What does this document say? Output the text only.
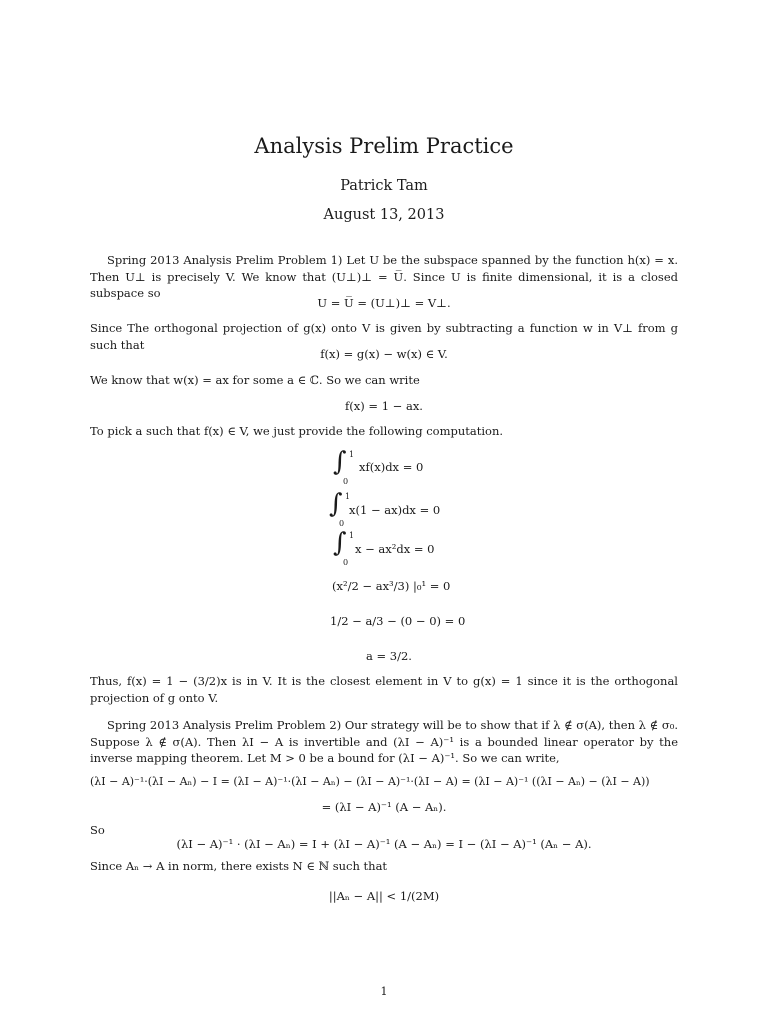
Analysis Prelim Practice
Patrick Tam
August 13, 2013
Spring 2013 Analysis Prelim Problem 1) Let U be the subspace spanned by the function h(x) = x. Then U⊥ is precisely V. We know that (U⊥)⊥ = U̅. Since U is finite dimensional, it is a closed subspace so
U = U̅ = (U⊥)⊥ = V⊥.
Since The orthogonal projection of g(x) onto V is given by subtracting a function w in V⊥ from g such that
f(x) = g(x) − w(x) ∈ V.
We know that w(x) = ax for some a ∈ ℂ. So we can write
f(x) = 1 − ax.
To pick a such that f(x) ∈ V, we just provide the following computation.
∫ 1
0
xf(x)dx = 0
∫ 1
0
x(1 − ax)dx = 0
∫ 1
0
x − ax²dx = 0
(x²/2 − ax³/3) |₀¹ = 0
1/2 − a/3 − (0 − 0) = 0
a = 3/2.
Thus, f(x) = 1 − (3/2)x is in V. It is the closest element in V to g(x) = 1 since it is the orthogonal projection of g onto V.
Spring 2013 Analysis Prelim Problem 2) Our strategy will be to show that if λ ∉ σ(A), then λ ∉ σ₀. Suppose λ ∉ σ(A). Then λI − A is invertible and (λI − A)⁻¹ is a bounded linear operator by the inverse mapping theorem. Let M > 0 be a bound for (λI − A)⁻¹. So we can write,
(λI − A)⁻¹·(λI − Aₙ) − I = (λI − A)⁻¹·(λI − Aₙ) − (λI − A)⁻¹·(λI − A) = (λI − A)⁻¹ ((λI − Aₙ) − (λI − A))
= (λI − A)⁻¹ (A − Aₙ).
So
(λI − A)⁻¹ · (λI − Aₙ) = I + (λI − A)⁻¹ (A − Aₙ) = I − (λI − A)⁻¹ (Aₙ − A).
Since Aₙ → A in norm, there exists N ∈ ℕ such that
||Aₙ − A|| < 1/(2M)
1
